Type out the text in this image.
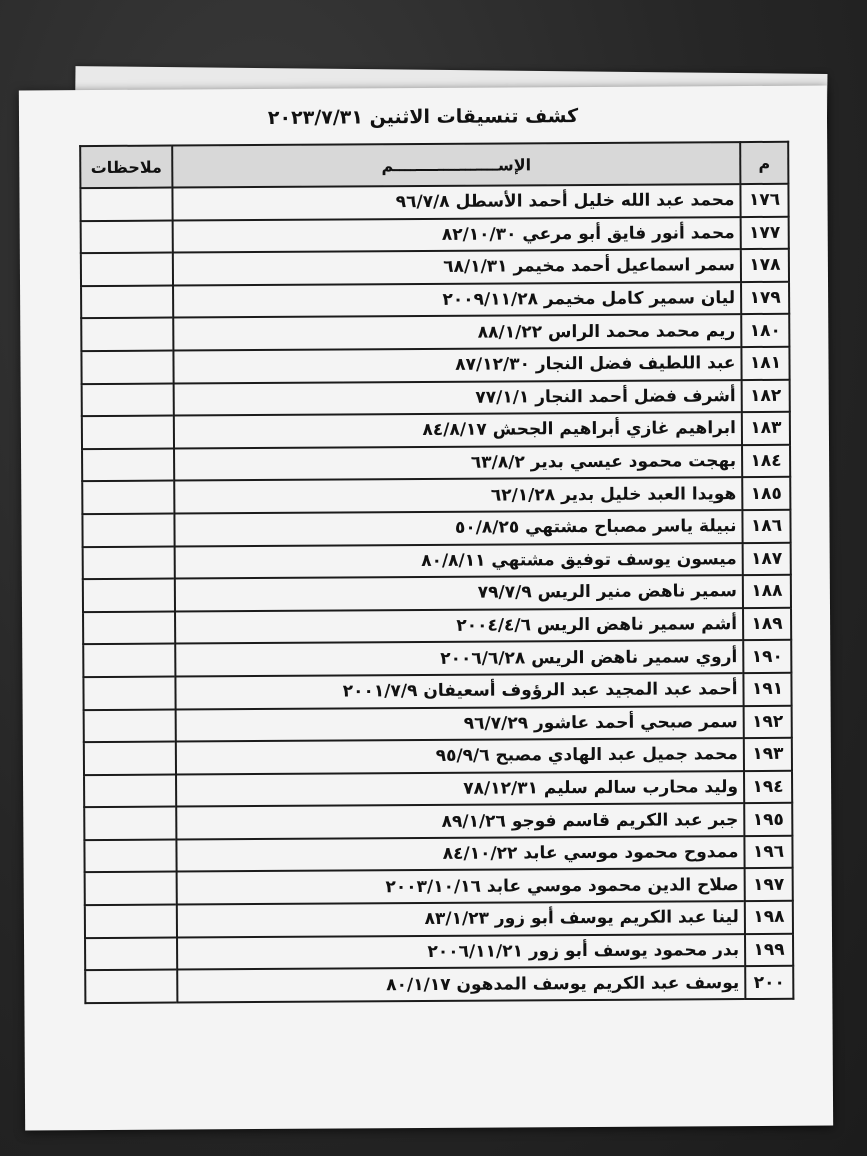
كشف تنسيقات الاثنين ٢٠٢٣/٧/٣١
م	الإســـــــــــــــــــم	ملاحظات
١٧٦	محمد عبد الله خليل أحمد الأسطل ٩٦/٧/٨	
١٧٧	محمد أنور فايق أبو مرعي ٨٢/١٠/٣٠	
١٧٨	سمر اسماعيل أحمد مخيمر ٦٨/١/٣١	
١٧٩	ليان سمير كامل مخيمر ٢٠٠٩/١١/٢٨	
١٨٠	ريم محمد محمد الراس ٨٨/١/٢٢	
١٨١	عبد اللطيف فضل النجار ٨٧/١٢/٣٠	
١٨٢	أشرف فضل أحمد النجار ٧٧/١/١	
١٨٣	ابراهيم غازي أبراهيم الجحش ٨٤/٨/١٧	
١٨٤	بهجت محمود عيسي بدير ٦٣/٨/٢	
١٨٥	هويدا العبد خليل بدير ٦٢/١/٢٨	
١٨٦	نبيلة ياسر مصباح مشتهي ٥٠/٨/٢٥	
١٨٧	ميسون يوسف توفيق مشتهي ٨٠/٨/١١	
١٨٨	سمير ناهض منير الريس ٧٩/٧/٩	
١٨٩	أشم سمير ناهض الريس ٢٠٠٤/٤/٦	
١٩٠	أروي سمير ناهض الريس ٢٠٠٦/٦/٢٨	
١٩١	أحمد عبد المجيد عبد الرؤوف أسعيفان ٢٠٠١/٧/٩	
١٩٢	سمر صبحي أحمد عاشور ٩٦/٧/٢٩	
١٩٣	محمد جميل عبد الهادي مصبح ٩٥/٩/٦	
١٩٤	وليد محارب سالم سليم ٧٨/١٢/٣١	
١٩٥	جبر عبد الكريم قاسم فوجو ٨٩/١/٢٦	
١٩٦	ممدوح محمود موسي عابد ٨٤/١٠/٢٢	
١٩٧	صلاح الدين محمود موسي عابد ٢٠٠٣/١٠/١٦	
١٩٨	لينا عبد الكريم يوسف أبو زور ٨٣/١/٢٣	
١٩٩	بدر محمود يوسف أبو زور ٢٠٠٦/١١/٢١	
٢٠٠	يوسف عبد الكريم يوسف المدهون ٨٠/١/١٧	
